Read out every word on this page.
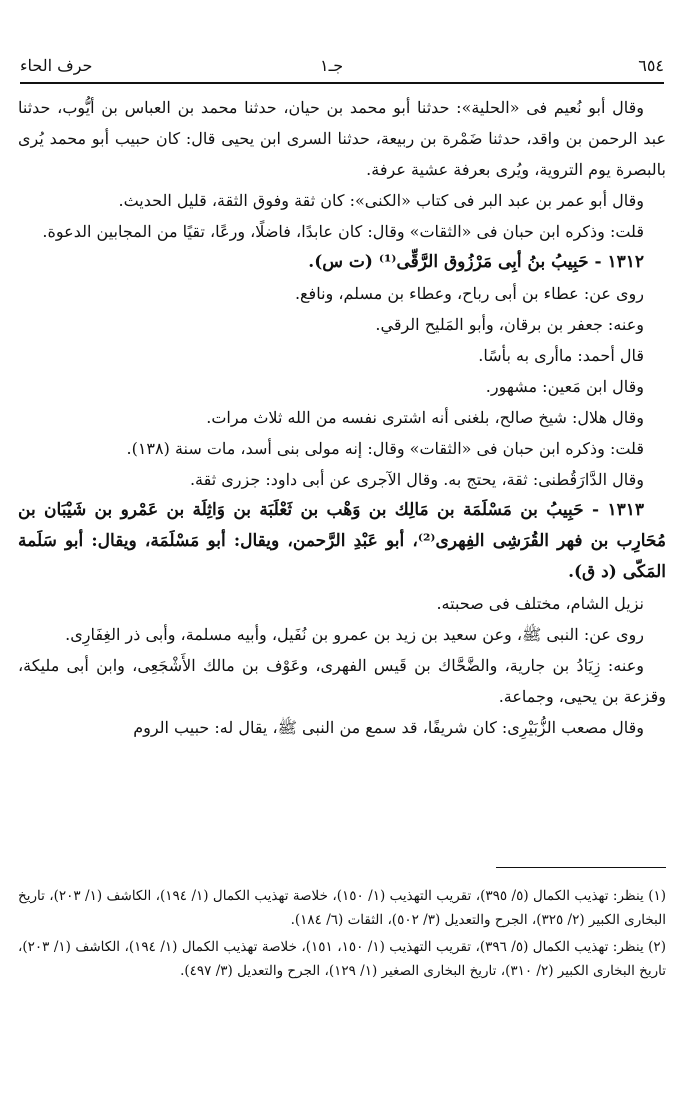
٦٥٤
جـ١
حرف الحاء

وقال أبو نُعيم فى «الحلية»: حدثنا أبو محمد بن حيان، حدثنا محمد بن العباس بن أيُّوب، حدثنا عبد الرحمن بن واقد، حدثنا ضَمْرة بن ربيعة، حدثنا السرى ابن يحيى قال: كان حبيب أبو محمد يُرى بالبصرة يوم التروية، ويُرى بعرفة عشية عرفة.

وقال أبو عمر بن عبد البر فى كتاب «الكنى»: كان ثقة وفوق الثقة، قليل الحديث.

قلت: وذكره ابن حبان فى «الثقات» وقال: كان عابدًا، فاضلًا، ورعًا، تقيًا من المجابين الدعوة.

١٣١٢ - حَبِيبُ بنُ أبِى مَرْزُوق الرَّقِّى⁽¹⁾ (ت س).

روى عن: عطاء بن أبى رباح، وعطاء بن مسلم، ونافع.

وعنه: جعفر بن برقان، وأبو المَليح الرقي.

قال أحمد: ماأرى به بأسًا.

وقال ابن مَعين: مشهور.

وقال هلال: شيخ صالح، بلغنى أنه اشترى نفسه من الله ثلاث مرات.

قلت: وذكره ابن حبان فى «الثقات» وقال: إنه مولى بنى أسد، مات سنة (١٣٨).

وقال الدَّارَقُطنى: ثقة، يحتج به. وقال الآجرى عن أبى داود: جزرى ثقة.

١٣١٣ - حَبِيبُ بن مَسْلَمَة بن مَالِك بن وَهْب بن ثَعْلَبَة بن وَاثِلَة بن عَمْرو بن شَيْبَان بن مُحَارِب بن فهر القُرَشِى الفِهرى⁽²⁾، أبو عَبْدِ الرَّحمن، ويقال: أبو مَسْلَمَة، ويقال: أبو سَلَمة المَكّى (د ق).

نزيل الشام، مختلف فى صحبته.

روى عن: النبى ﷺ، وعن سعيد بن زيد بن عمرو بن نُفَيل، وأبيه مسلمة، وأبى ذر الغِفَارِى.

وعنه: زِيَادُ بن جارية، والضَّحَّاك بن قَيس الفهرى، وعَوْف بن مالك الأَشْجَعِى، وابن أبى مليكة، وقزعة بن يحيى، وجماعة.

وقال مصعب الزُّبَيْرِى: كان شريفًا، قد سمع من النبى ﷺ، يقال له: حبيب الروم

(١) ينظر: تهذيب الكمال (٥/ ٣٩٥)، تقريب التهذيب (١/ ١٥٠)، خلاصة تهذيب الكمال (١/ ١٩٤)، الكاشف (١/ ٢٠٣)، تاريخ البخارى الكبير (٢/ ٣٢٥)، الجرح والتعديل (٣/ ٥٠٢)، الثقات (٦/ ١٨٤).

(٢) ينظر: تهذيب الكمال (٥/ ٣٩٦)، تقريب التهذيب (١/ ١٥٠، ١٥١)، خلاصة تهذيب الكمال (١/ ١٩٤)، الكاشف (١/ ٢٠٣)، تاريخ البخارى الكبير (٢/ ٣١٠)، تاريخ البخارى الصغير (١/ ١٢٩)، الجرح والتعديل (٣/ ٤٩٧).
